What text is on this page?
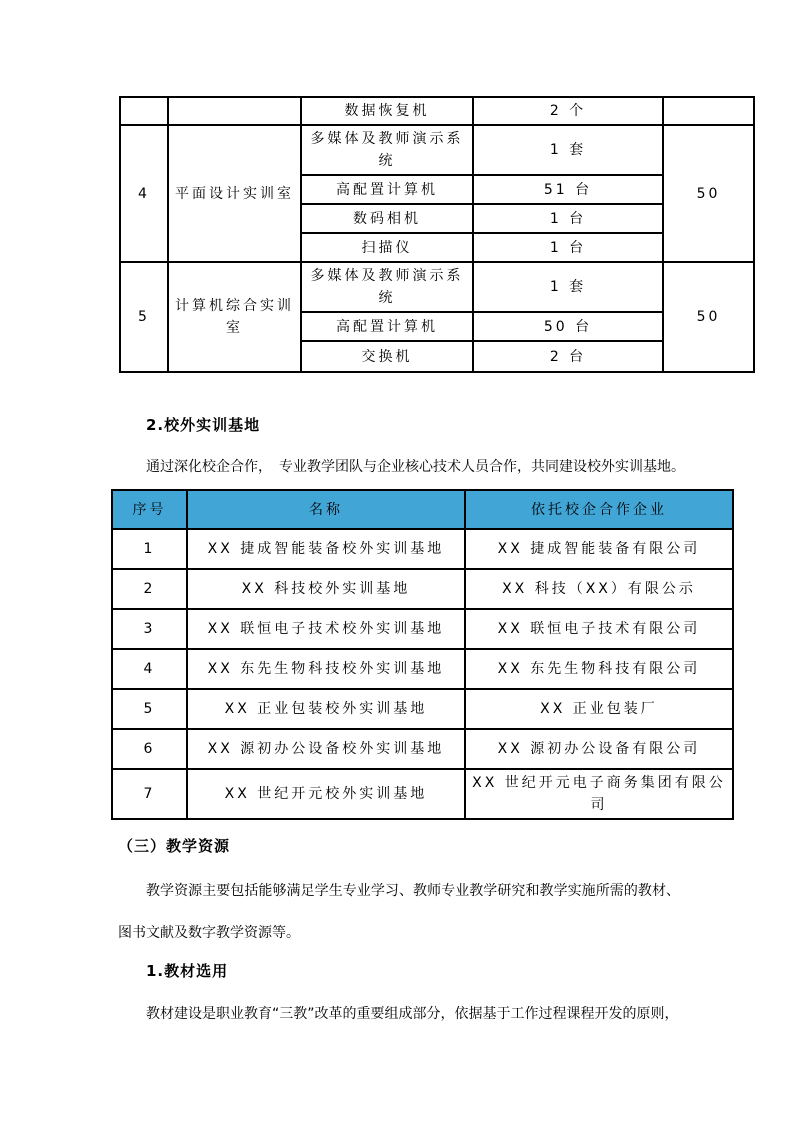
		数据恢复机	2 个	
4	平面设计实训室	多媒体及教师演示系统	1 套	50
		高配置计算机	51 台	
		数码相机	1 台	
		扫描仪	1 台	
5	计算机综合实训室	多媒体及教师演示系统	1 套	50
		高配置计算机	50 台	
		交换机	2 台	
2.校外实训基地
通过深化校企合作，　专业教学团队与企业核心技术人员合作，共同建设校外实训基地。
序号	名称	依托校企合作企业
1	XX 捷成智能装备校外实训基地	XX 捷成智能装备有限公司
2	XX 科技校外实训基地	XX 科技（XX）有限公示
3	XX 联恒电子技术校外实训基地	XX 联恒电子技术有限公司
4	XX 东先生物科技校外实训基地	XX 东先生物科技有限公司
5	XX 正业包装校外实训基地	XX 正业包装厂
6	XX 源初办公设备校外实训基地	XX 源初办公设备有限公司
7	XX 世纪开元校外实训基地	XX 世纪开元电子商务集团有限公司
（三）教学资源
教学资源主要包括能够满足学生专业学习、教师专业教学研究和教学实施所需的教材、图书文献及数字教学资源等。
1.教材选用
教材建设是职业教育“三教”改革的重要组成部分，依据基于工作过程课程开发的原则，
